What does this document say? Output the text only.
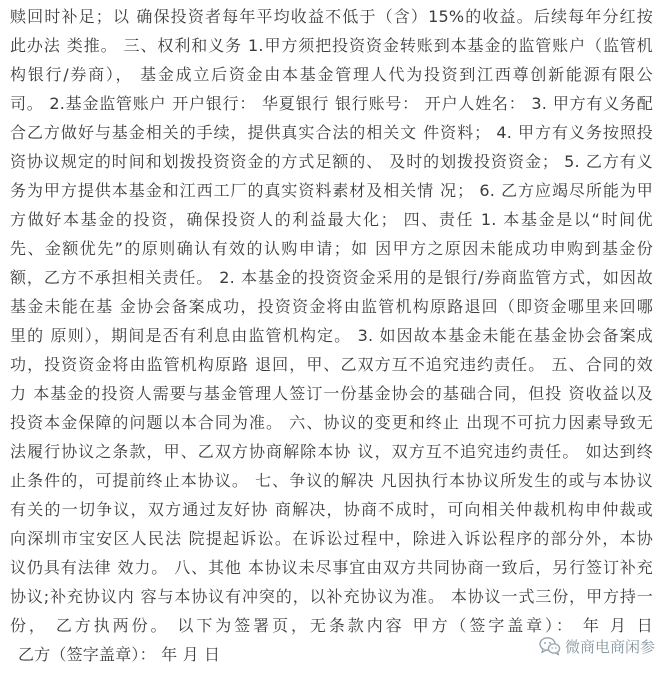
赎回时补足；以 确保投资者每年平均收益不低于（含）15%的收益。后续每年分红按
此办法 类推。 三、权利和义务 1.甲方须把投资资金转账到本基金的监管账户（监管机
构银行/券商）， 基金成立后资金由本基金管理人代为投资到江西尊创新能源有限公
司。 2.基金监管账户 开户银行： 华夏银行 银行账号： 开户人姓名： 3. 甲方有义务配
合乙方做好与基金相关的手续，提供真实合法的相关文 件资料； 4. 甲方有义务按照投
资协议规定的时间和划拨投资资金的方式足额的、 及时的划拨投资资金； 5. 乙方有义
务为甲方提供本基金和江西工厂的真实资料素材及相关情 况； 6. 乙方应竭尽所能为甲
方做好本基金的投资，确保投资人的利益最大化； 四、责任 1. 本基金是以“时间优
先、金额优先”的原则确认有效的认购申请；如 因甲方之原因未能成功申购到基金份
额，乙方不承担相关责任。 2. 本基金的投资资金采用的是银行/券商监管方式，如因故
基金未能在基 金协会备案成功，投资资金将由监管机构原路退回（即资金哪里来回哪
里的 原则），期间是否有利息由监管机构定。 3. 如因故本基金未能在基金协会备案成
功，投资资金将由监管机构原路 退回，甲、乙双方互不追究违约责任。 五、合同的效
力 本基金的投资人需要与基金管理人签订一份基金协会的基础合同，但投 资收益以及
投资本金保障的问题以本合同为准。 六、协议的变更和终止 出现不可抗力因素导致无
法履行协议之条款，甲、乙双方协商解除本协 议，双方互不追究违约责任。 如达到终
止条件的，可提前终止本协议。 七、争议的解决 凡因执行本协议所发生的或与本协议
有关的一切争议，双方通过友好协 商解决，协商不成时，可向相关仲裁机构申仲裁或
向深圳市宝安区人民法 院提起诉讼。在诉讼过程中，除进入诉讼程序的部分外，本协
议仍具有法律 效力。 八、其他 本协议未尽事宜由双方共同协商一致后，另行签订补充
协议;补充协议内 容与本协议有冲突的，以补充协议为准。 本协议一式三份，甲方持一
份， 乙方执两份。 以下为签署页，无条款内容 甲方（签字盖章）： 年 月 日
乙方（签字盖章）： 年 月 日	微商电商闲参
